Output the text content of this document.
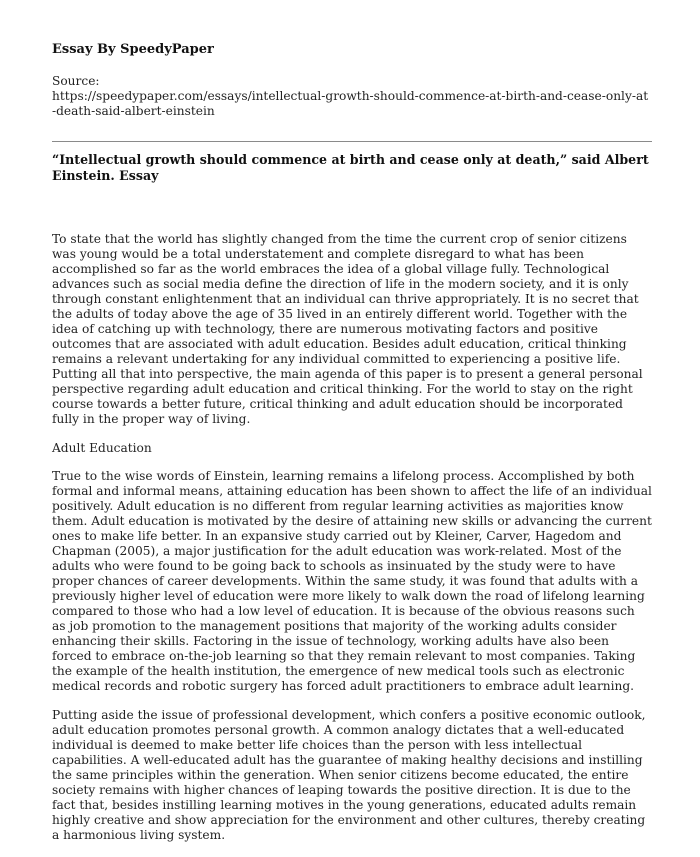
Essay By SpeedyPaper
Source:
https://speedypaper.com/essays/intellectual-growth-should-commence-at-birth-and-cease-only-at-death-said-albert-einstein
“Intellectual growth should commence at birth and cease only at death,” said Albert Einstein. Essay

To state that the world has slightly changed from the time the current crop of senior citizens was young would be a total understatement and complete disregard to what has been accomplished so far as the world embraces the idea of a global village fully. Technological advances such as social media define the direction of life in the modern society, and it is only through constant enlightenment that an individual can thrive appropriately. It is no secret that the adults of today above the age of 35 lived in an entirely different world. Together with the idea of catching up with technology, there are numerous motivating factors and positive outcomes that are associated with adult education. Besides adult education, critical thinking remains a relevant undertaking for any individual committed to experiencing a positive life. Putting all that into perspective, the main agenda of this paper is to present a general personal perspective regarding adult education and critical thinking. For the world to stay on the right course towards a better future, critical thinking and adult education should be incorporated fully in the proper way of living.

Adult Education

True to the wise words of Einstein, learning remains a lifelong process. Accomplished by both formal and informal means, attaining education has been shown to affect the life of an individual positively. Adult education is no different from regular learning activities as majorities know them. Adult education is motivated by the desire of attaining new skills or advancing the current ones to make life better. In an expansive study carried out by Kleiner, Carver, Hagedom and Chapman (2005), a major justification for the adult education was work-related. Most of the adults who were found to be going back to schools as insinuated by the study were to have proper chances of career developments. Within the same study, it was found that adults with a previously higher level of education were more likely to walk down the road of lifelong learning compared to those who had a low level of education. It is because of the obvious reasons such as job promotion to the management positions that majority of the working adults consider enhancing their skills. Factoring in the issue of technology, working adults have also been forced to embrace on-the-job learning so that they remain relevant to most companies. Taking the example of the health institution, the emergence of new medical tools such as electronic medical records and robotic surgery has forced adult practitioners to embrace adult learning.

Putting aside the issue of professional development, which confers a positive economic outlook, adult education promotes personal growth. A common analogy dictates that a well-educated individual is deemed to make better life choices than the person with less intellectual capabilities. A well-educated adult has the guarantee of making healthy decisions and instilling the same principles within the generation. When senior citizens become educated, the entire society remains with higher chances of leaping towards the positive direction. It is due to the fact that, besides instilling learning motives in the young generations, educated adults remain highly creative and show appreciation for the environment and other cultures, thereby creating a harmonious living system.
